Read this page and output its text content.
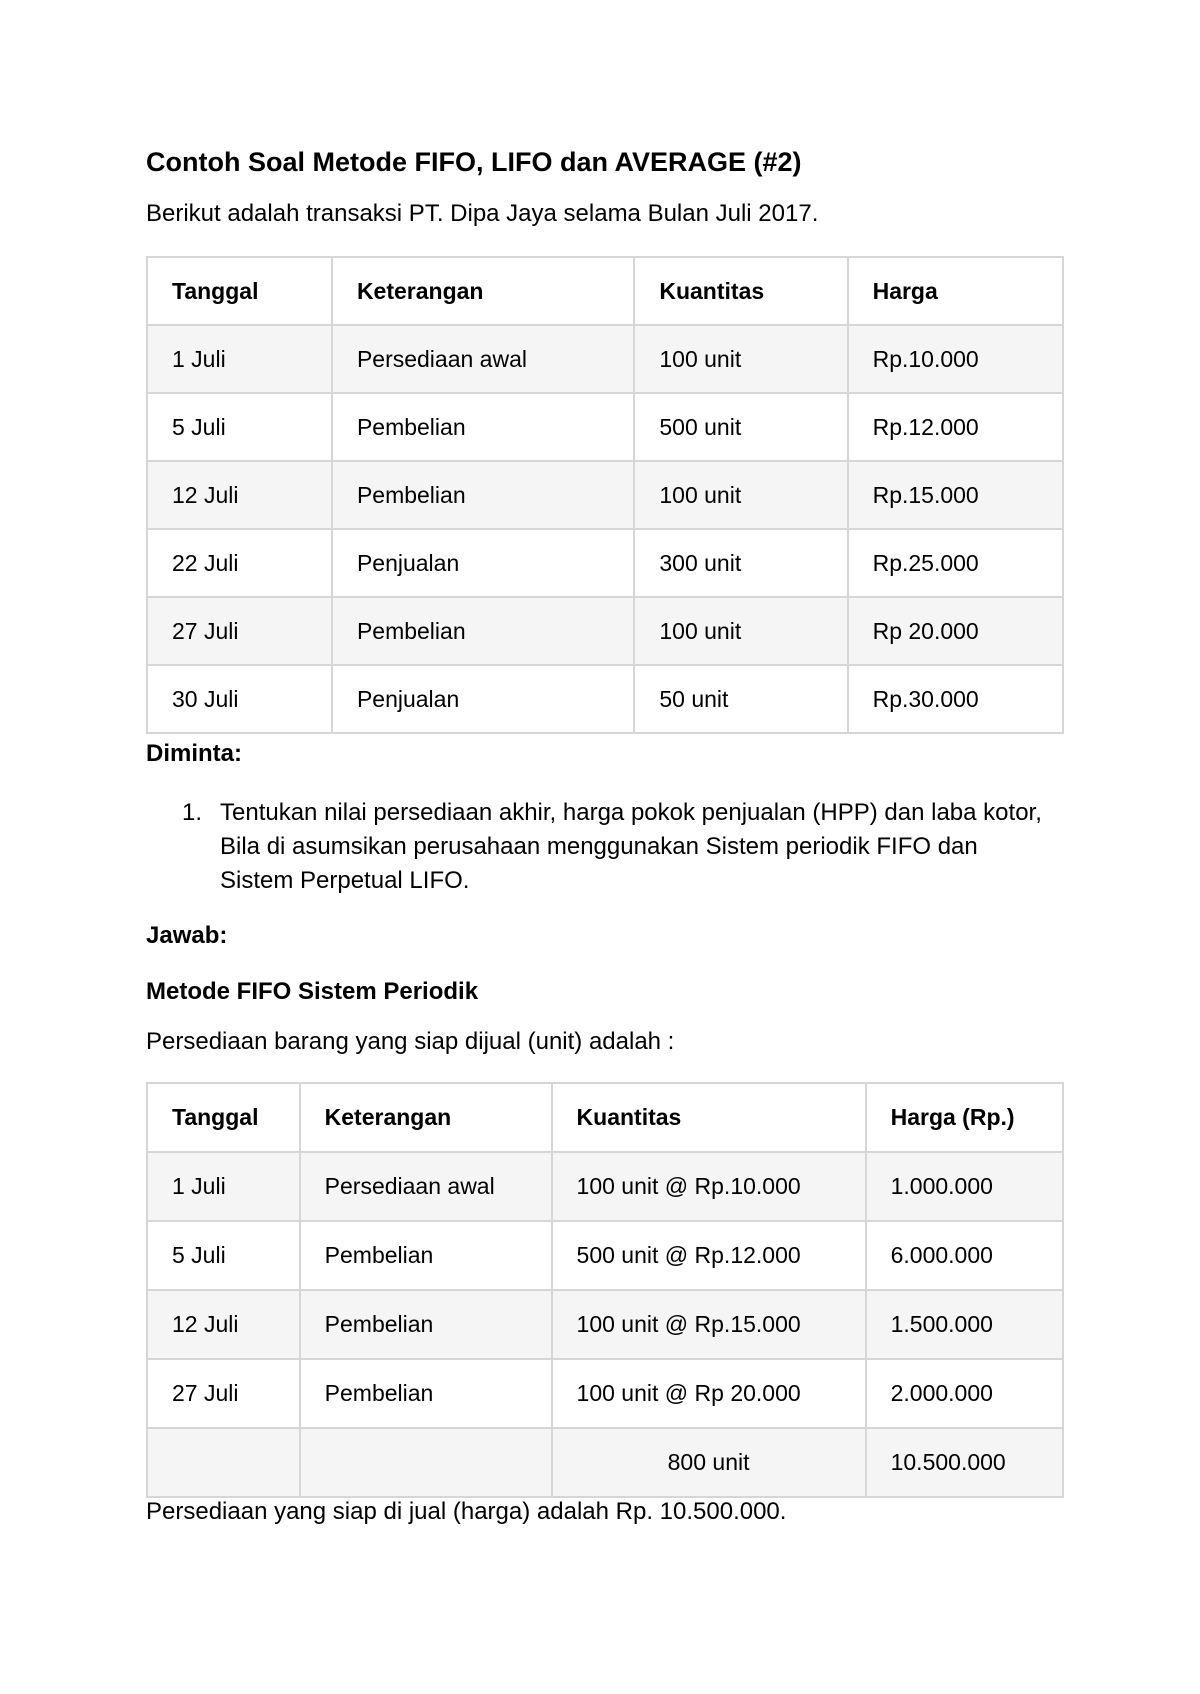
Contoh Soal Metode FIFO, LIFO dan AVERAGE (#2)
Berikut adalah transaksi PT. Dipa Jaya selama Bulan Juli 2017.
Tanggal	Keterangan	Kuantitas	Harga
1 Juli	Persediaan awal	100 unit	Rp.10.000
5 Juli	Pembelian	500 unit	Rp.12.000
12 Juli	Pembelian	100 unit	Rp.15.000
22 Juli	Penjualan	300 unit	Rp.25.000
27 Juli	Pembelian	100 unit	Rp 20.000
30 Juli	Penjualan	50 unit	Rp.30.000
Diminta:
1. Tentukan nilai persediaan akhir, harga pokok penjualan (HPP) dan laba kotor, Bila di asumsikan perusahaan menggunakan Sistem periodik FIFO dan Sistem Perpetual LIFO.
Jawab:
Metode FIFO Sistem Periodik
Persediaan barang yang siap dijual (unit) adalah :
Tanggal	Keterangan	Kuantitas	Harga (Rp.)
1 Juli	Persediaan awal	100 unit @ Rp.10.000	1.000.000
5 Juli	Pembelian	500 unit @ Rp.12.000	6.000.000
12 Juli	Pembelian	100 unit @ Rp.15.000	1.500.000
27 Juli	Pembelian	100 unit @ Rp 20.000	2.000.000
		800 unit	10.500.000
Persediaan yang siap di jual (harga) adalah Rp. 10.500.000.
